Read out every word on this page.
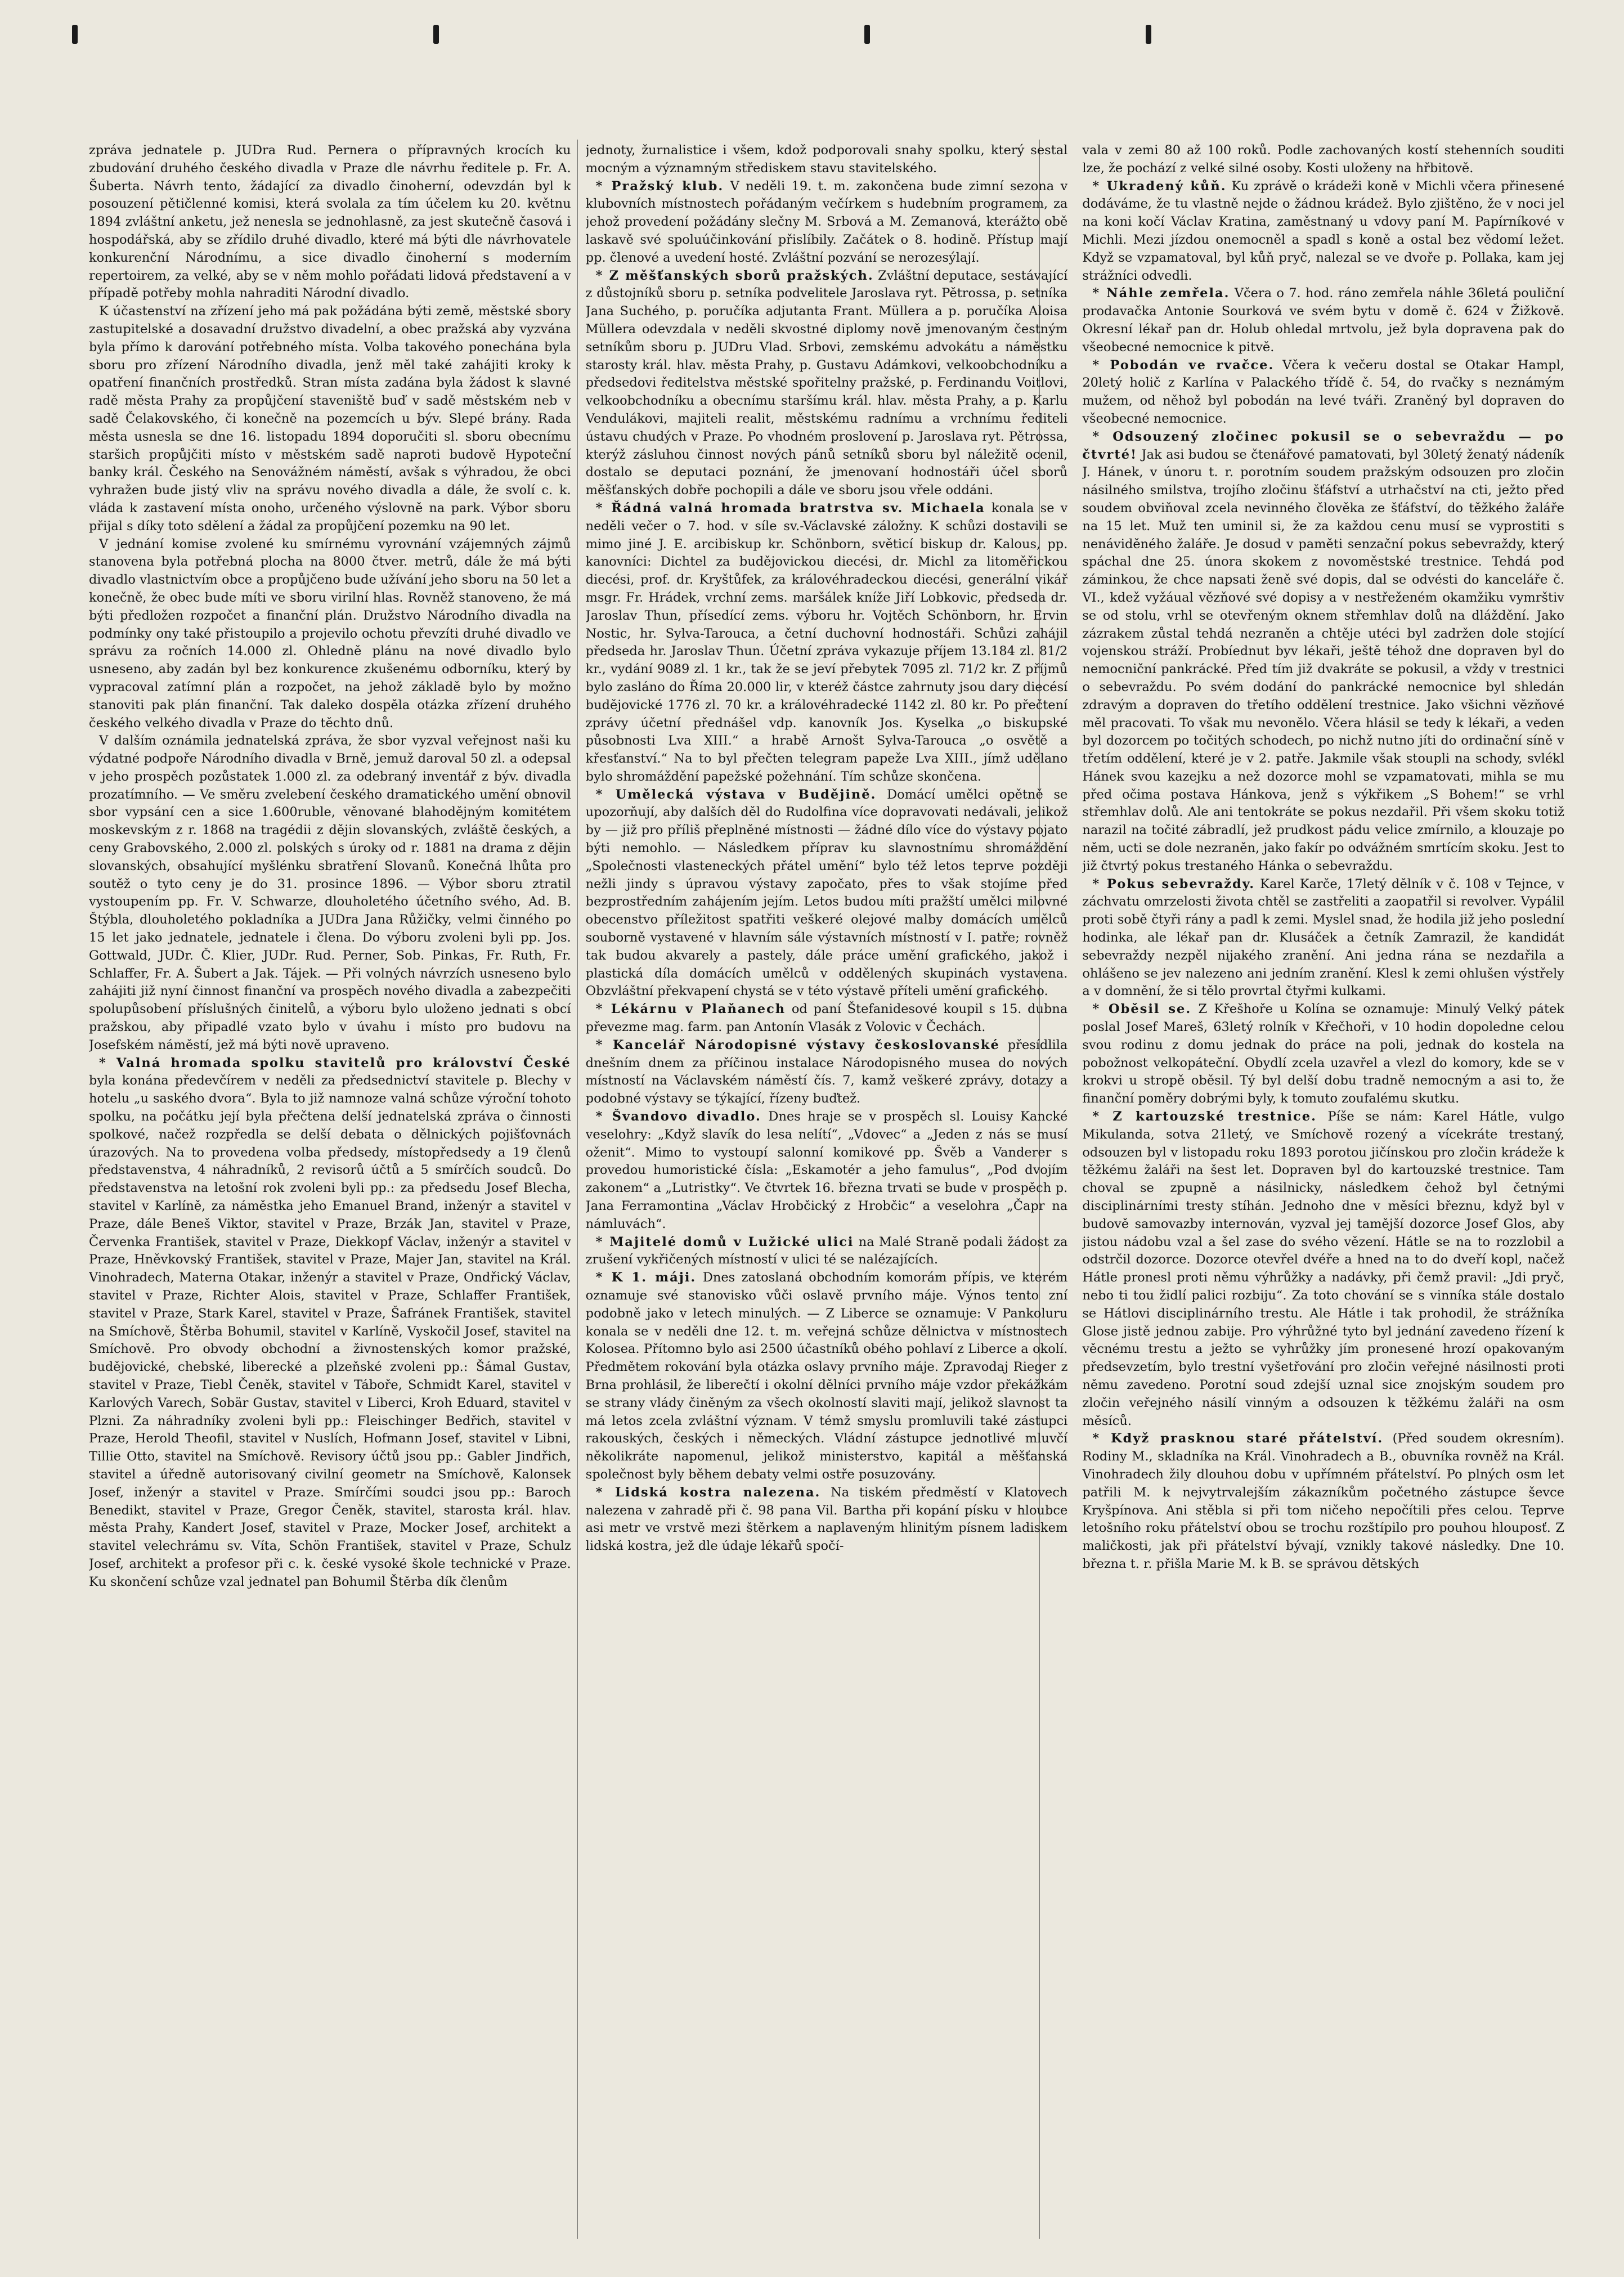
zpráva jednatele p. JUDra Rud. Pernera o přípravných krocích ku zbudování druhého českého divadla v Praze dle návrhu ředitele p. Fr. A. Šuberta. Návrh tento, žádající za divadlo činoherní, odevzdán byl k posouzení pětičlenné komisi, která svolala za tím účelem ku 20. květnu 1894 zvláštní anketu, jež nenesla se jednohlasně, za jest skutečně časová i hospodářská, aby se zřídilo druhé divadlo, které má býti dle návrhovatele konkurenční Národnímu, a sice divadlo činoherní s moderním repertoirem, za velké, aby se v něm mohlo pořádati lidová představení a v případě potřeby mohla nahraditi Národní divadlo.

K účastenství na zřízení jeho má pak požádána býti země, městské sbory zastupitelské a dosavadní družstvo divadelní, a obec pražská aby vyzvána byla přímo k darování potřebného místa. Volba takového ponechána byla sboru pro zřízení Národního divadla, jenž měl také zahájiti kroky k opatření finančních prostředků. Stran místa zadána byla žádost k slavné radě města Prahy za propůjčení staveniště buď v sadě městském neb v sadě Čelakovského, či konečně na pozemcích u býv. Slepé brány. Rada města usnesla se dne 16. listopadu 1894 doporučiti sl. sboru obecnímu staršich propůjčiti místo v městském sadě naproti budově Hypoteční banky král. Českého na Senovážném náměstí, avšak s výhradou, že obci vyhražen bude jistý vliv na správu nového divadla a dále, že svolí c. k. vláda k zastavení místa onoho, určeného výslovně na park. Výbor sboru přijal s díky toto sdělení a žádal za propůjčení pozemku na 90 let.

V jednání komise zvolené ku smírnému vyrovnání vzájemných zájmů stanovena byla potřebná plocha na 8000 čtver. metrů, dále že má býti divadlo vlastnictvím obce a propůjčeno bude užívání jeho sboru na 50 let a konečně, že obec bude míti ve sboru virilní hlas. Rovněž stanoveno, že má býti předložen rozpočet a finanční plán. Družstvo Národního divadla na podmínky ony také přistoupilo a projevilo ochotu převzíti druhé divadlo ve správu za ročních 14.000 zl. Ohledně plánu na nové divadlo bylo usneseno, aby zadán byl bez konkurence zkušenému odborníku, který by vypracoval zatímní plán a rozpočet, na jehož základě bylo by možno stanoviti pak plán finanční. Tak daleko dospěla otázka zřízení druhého českého velkého divadla v Praze do těchto dnů.

V dalším oznámila jednatelská zpráva, že sbor vyzval veřejnost naši ku výdatné podpoře Národního divadla v Brně, jemuž daroval 50 zl. a odepsal v jeho prospěch pozůstatek 1.000 zl. za odebraný inventář z býv. divadla prozatímního. — Ve směru zvelebení českého dramatického umění obnovil sbor vypsání cen a sice 1.600ruble, věnované blahodějným komitétem moskevským z r. 1868 na tragédii z dějin slovanských, zvláště českých, a ceny Grabovského, 2.000 zl. polských s úroky od r. 1881 na drama z dějin slovanských, obsahující myšlénku sbratření Slovanů. Konečná lhůta pro soutěž o tyto ceny je do 31. prosince 1896. — Výbor sboru ztratil vystoupením pp. Fr. V. Schwarze, dlouholetého účetního svého, Ad. B. Štýbla, dlouholetého pokladníka a JUDra Jana Růžičky, velmi činného po 15 let jako jednatele, jednatele i člena. Do výboru zvoleni byli pp. Jos. Gottwald, JUDr. Č. Klier, JUDr. Rud. Perner, Sob. Pinkas, Fr. Ruth, Fr. Schlaffer, Fr. A. Šubert a Jak. Tájek. — Při volných návrzích usneseno bylo zahájiti již nyní činnost finanční va prospěch nového divadla a zabezpečiti spolupůsobení příslušných činitelů, a výboru bylo uloženo jednati s obcí pražskou, aby připadlé vzato bylo v úvahu i místo pro budovu na Josefském náměstí, jež má býti nově upraveno.

* Valná hromada spolku stavitelů pro království České byla konána předevčírem v neděli za předsednictví stavitele p. Blechy v hotelu „u saského dvora“. Byla to již namnoze valná schůze výroční tohoto spolku, na počátku její byla přečtena delší jednatelská zpráva o činnosti spolkové, načež rozpředla se delší debata o dělnických pojišťovnách úrazových. Na to provedena volba předsedy, místopředsedy a 19 členů představenstva, 4 náhradníků, 2 revisorů účtů a 5 smírčích soudců. Do představenstva na letošní rok zvoleni byli pp.: za předsedu Josef Blecha, stavitel v Karlíně, za náměstka jeho Emanuel Brand, inženýr a stavitel v Praze, dále Beneš Viktor, stavitel v Praze, Brzák Jan, stavitel v Praze, Červenka František, stavitel v Praze, Diekkopf Václav, inženýr a stavitel v Praze, Hněvkovský František, stavitel v Praze, Majer Jan, stavitel na Král. Vinohradech, Materna Otakar, inženýr a stavitel v Praze, Ondřický Václav, stavitel v Praze, Richter Alois, stavitel v Praze, Schlaffer František, stavitel v Praze, Stark Karel, stavitel v Praze, Šafránek František, stavitel na Smíchově, Štěrba Bohumil, stavitel v Karlíně, Vyskočil Josef, stavitel na Smíchově. Pro obvody obchodní a živnostenských komor pražské, budějovické, chebské, liberecké a plzeňské zvoleni pp.: Šámal Gustav, stavitel v Praze, Tiebl Čeněk, stavitel v Táboře, Schmidt Karel, stavitel v Karlových Varech, Sobär Gustav, stavitel v Liberci, Kroh Eduard, stavitel v Plzni. Za náhradníky zvoleni byli pp.: Fleischinger Bedřich, stavitel v Praze, Herold Theofil, stavitel v Nuslích, Hofmann Josef, stavitel v Libni, Tillie Otto, stavitel na Smíchově. Revisory účtů jsou pp.: Gabler Jindřich, stavitel a úředně autorisovaný civilní geometr na Smíchově, Kalonsek Josef, inženýr a stavitel v Praze. Smírčími soudci jsou pp.: Baroch Benedikt, stavitel v Praze, Gregor Čeněk, stavitel, starosta král. hlav. města Prahy, Kandert Josef, stavitel v Praze, Mocker Josef, architekt a stavitel velechrámu sv. Víta, Schön František, stavitel v Praze, Schulz Josef, architekt a profesor při c. k. české vysoké škole technické v Praze. Ku skončení schůze vzal jednatel pan Bohumil Štěrba dík členům

jednoty, žurnalistice i všem, kdož podporovali snahy spolku, který sestal mocným a významným střediskem stavu stavitelského.

* Pražský klub. V neděli 19. t. m. zakončena bude zimní sezona v klubovních místnostech pořádaným večírkem s hudebním programem, za jehož provedení požádány slečny M. Srbová a M. Zemanová, kterážto obě laskavě své spoluúčinkování přislíbily. Začátek o 8. hodině. Přístup mají pp. členové a uvedení hosté. Zvláštní pozvání se nerozesýlají.

* Z měšťanských sborů pražských. Zvláštní deputace, sestávající z důstojníků sboru p. setníka podvelitele Jaroslava ryt. Pětrossa, p. setníka Jana Suchého, p. poručíka adjutanta Frant. Müllera a p. poručíka Aloisa Müllera odevzdala v neděli skvostné diplomy nově jmenovaným čestným setníkům sboru p. JUDru Vlad. Srbovi, zemskému advokátu a náměstku starosty král. hlav. města Prahy, p. Gustavu Adámkovi, velkoobchodníku a předsedovi ředitelstva městské spořitelny pražské, p. Ferdinandu Voitlovi, velkoobchodníku a obecnímu staršímu král. hlav. města Prahy, a p. Karlu Vendulákovi, majiteli realit, městskému radnímu a vrchnímu řediteli ústavu chudých v Praze. Po vhodném proslovení p. Jaroslava ryt. Pětrossa, kterýž zásluhou činnost nových pánů setníků sboru byl náležitě ocenil, dostalo se deputaci poznání, že jmenovaní hodnostáři účel sborů měšťanských dobře pochopili a dále ve sboru jsou vřele oddáni.

* Řádná valná hromada bratrstva sv. Michaela konala se v neděli večer o 7. hod. v síle sv.-Václavské záložny. K schůzi dostavili se mimo jiné J. E. arcibiskup kr. Schönborn, světicí biskup dr. Kalous, pp. kanovníci: Dichtel za budějovickou diecési, dr. Michl za litoměřickou diecési, prof. dr. Kryštůfek, za královéhradeckou diecési, generální vikář msgr. Fr. Hrádek, vrchní zems. maršálek kníže Jiří Lobkovic, předseda dr. Jaroslav Thun, přísedící zems. výboru hr. Vojtěch Schönborn, hr. Ervin Nostic, hr. Sylva-Tarouca, a četní duchovní hodnostáři. Schůzi zahájil předseda hr. Jaroslav Thun. Účetní zpráva vykazuje příjem 13.184 zl. 81/2 kr., vydání 9089 zl. 1 kr., tak že se jeví přebytek 7095 zl. 71/2 kr. Z příjmů bylo zasláno do Říma 20.000 lir, v kteréž částce zahrnuty jsou dary diecésí budějovické 1776 zl. 70 kr. a královéhradecké 1142 zl. 80 kr. Po přečtení zprávy účetní přednášel vdp. kanovník Jos. Kyselka „o biskupské působnosti Lva XIII.“ a hrabě Arnošt Sylva-Tarouca „o osvětě a křesťanství.“ Na to byl přečten telegram papeže Lva XIII., jímž udělano bylo shromáždění papežské požehnání. Tím schůze skončena.

* Umělecká výstava v Budějině. Domácí umělci opětně se upozorňují, aby dalších děl do Rudolfina více dopravovati nedávali, jelikož by — již pro příliš přeplněné místnosti — žádné dílo více do výstavy pojato býti nemohlo. — Následkem příprav ku slavnostnímu shromáždění „Společnosti vlasteneckých přátel umění“ bylo též letos teprve později nežli jindy s úpravou výstavy započato, přes to však stojíme před bezprostředním zahájením jejím. Letos budou míti pražští umělci milovné obecenstvo příležitost spatřiti veškeré olejové malby domácích umělců souborně vystavené v hlavním sále výstavních místností v I. patře; rovněž tak budou akvarely a pastely, dále práce umění grafického, jakož i plastická díla domácích umělců v oddělených skupinách vystavena. Obzvláštní překvapení chystá se v této výstavě příteli umění grafického.

* Lékárnu v Plaňanech od paní Štefanidesové koupil s 15. dubna převezme mag. farm. pan Antonín Vlasák z Volovic v Čechách.

* Kancelář Národopisné výstavy českoslovanské přesídlila dnešním dnem za příčinou instalace Národopisného musea do nových místností na Václavském náměstí čís. 7, kamž veškeré zprávy, dotazy a podobné výstavy se týkající, řízeny buďtež.

* Švandovo divadlo. Dnes hraje se v prospěch sl. Louisy Kancké veselohry: „Když slavík do lesa nelítí“, „Vdovec“ a „Jeden z nás se musí oženit“. Mimo to vystoupí salonní komikové pp. Švěb a Vanderer s provedou humoristické čísla: „Eskamotér a jeho famulus“, „Pod dvojím zakonem“ a „Lutristky“. Ve čtvrtek 16. března trvati se bude v prospěch p. Jana Ferramontina „Václav Hrobčický z Hrobčic“ a veselohra „Čapr na námluvách“.

* Majitelé domů v Lužické ulici na Malé Straně podali žádost za zrušení vykřičených místností v ulici té se nalézajících.

* K 1. máji. Dnes zatoslaná obchodním komorám přípis, ve kterém oznamuje své stanovisko vůči oslavě prvního máje. Výnos tento zní podobně jako v letech minulých. — Z Liberce se oznamuje: V Pankoluru konala se v neděli dne 12. t. m. veřejná schůze dělnictva v místnostech Kolosea. Přítomno bylo asi 2500 účastníků obého pohlaví z Liberce a okolí. Předmětem rokování byla otázka oslavy prvního máje. Zpravodaj Rieger z Brna prohlásil, že liberečtí i okolní dělníci prvního máje vzdor překážkám se strany vlády činěným za všech okolností slaviti mají, jelikož slavnost ta má letos zcela zvláštní význam. V témž smyslu promluvili také zástupci rakouských, českých i německých. Vládní zástupce jednotlivé mluvčí několikráte napomenul, jelikož ministerstvo, kapitál a měšťanská společnost byly během debaty velmi ostře posuzovány.

* Lidská kostra nalezena. Na tiském předměstí v Klatovech nalezena v zahradě při č. 98 pana Vil. Bartha při kopání písku v hloubce asi metr ve vrstvě mezi štěrkem a naplaveným hlinitým písnem ladiskem lidská kostra, jež dle údaje lékařů spočí-

vala v zemi 80 až 100 roků. Podle zachovaných kostí stehenních souditi lze, že pochází z velké silné osoby. Kosti uloženy na hřbitově.

* Ukradený kůň. Ku zprávě o krádeži koně v Michli včera přinesené dodáváme, že tu vlastně nejde o žádnou krádež. Bylo zjištěno, že v noci jel na koni kočí Václav Kratina, zaměstnaný u vdovy paní M. Papírníkové v Michli. Mezi jízdou onemocněl a spadl s koně a ostal bez vědomí ležet. Když se vzpamatoval, byl kůň pryč, nalezal se ve dvoře p. Pollaka, kam jej strážníci odvedli.

* Náhle zemřela. Včera o 7. hod. ráno zemřela náhle 36letá pouliční prodavačka Antonie Sourková ve svém bytu v domě č. 624 v Žižkově. Okresní lékař pan dr. Holub ohledal mrtvolu, jež byla dopravena pak do všeobecné nemocnice k pitvě.

* Pobodán ve rvačce. Včera k večeru dostal se Otakar Hampl, 20letý holič z Karlína v Palackého třídě č. 54, do rvačky s neznámým mužem, od něhož byl pobodán na levé tváři. Zraněný byl dopraven do všeobecné nemocnice.

* Odsouzený zločinec pokusil se o sebevraždu — po čtvrté! Jak asi budou se čtenářové pamatovati, byl 30letý ženatý nádeník J. Hánek, v únoru t. r. porotním soudem pražským odsouzen pro zločin násilného smilstva, trojího zločinu šťáfství a utrhačství na cti, ježto před soudem obviňoval zcela nevinného člověka ze šťáfství, do těžkého žaláře na 15 let. Muž ten uminil si, že za každou cenu musí se vyprostiti s nenáviděného žaláře. Je dosud v paměti senzační pokus sebevraždy, který spáchal dne 25. února skokem z novoměstské trestnice. Tehdá pod záminkou, že chce napsati ženě své dopis, dal se odvésti do kanceláře č. VI., kdež vyžáual vězňové své dopisy a v nestřeženém okamžiku vymrštiv se od stolu, vrhl se otevřeným oknem střemhlav dolů na dláždění. Jako zázrakem zůstal tehdá nezraněn a chtěje utéci byl zadržen dole stojící vojenskou stráží. Probíednut byv lékaři, ještě téhož dne dopraven byl do nemocniční pankrácké. Před tím již dvakráte se pokusil, a vždy v trestnici o sebevraždu. Po svém dodání do pankrácké nemocnice byl shledán zdravým a dopraven do třetího oddělení trestnice. Jako všichni vězňové měl pracovati. To však mu nevonělo. Včera hlásil se tedy k lékaři, a veden byl dozorcem po točitých schodech, po nichž nutno jíti do ordinační síně v třetím oddělení, které je v 2. patře. Jakmile však stoupli na schody, svlékl Hánek svou kazejku a než dozorce mohl se vzpamatovati, mihla se mu před očima postava Hánkova, jenž s výkřikem „S Bohem!“ se vrhl střemhlav dolů. Ale ani tentokráte se pokus nezdařil. Při všem skoku totiž narazil na točité zábradlí, jež prudkost pádu velice zmírnilo, a klouzaje po něm, ucti se dole nezraněn, jako fakír po odvážném smrtícím skoku. Jest to již čtvrtý pokus trestaného Hánka o sebevraždu.

* Pokus sebevraždy. Karel Karče, 17letý dělník v č. 108 v Tejnce, v záchvatu omrzelosti života chtěl se zastřeliti a zaopatřil si revolver. Vypálil proti sobě čtyři rány a padl k zemi. Myslel snad, že hodila již jeho poslední hodinka, ale lékař pan dr. Klusáček a četník Zamrazil, že kandidát sebevraždy nezpěl nijakého zranění. Ani jedna rána se nezdařila a ohlášeno se jev nalezeno ani jedním zranění. Klesl k zemi ohlušen výstřely a v domnění, že si tělo provrtal čtyřmi kulkami.

* Oběsil se. Z Křešhoře u Kolína se oznamuje: Minulý Velký pátek poslal Josef Mareš, 63letý rolník v Křečhoři, v 10 hodin dopoledne celou svou rodinu z domu jednak do práce na poli, jednak do kostela na pobožnost velkopáteční. Obydlí zcela uzavřel a vlezl do komory, kde se v krokvi u stropě oběsil. Tý byl delší dobu tradně nemocným a asi to, že finanční poměry dobrými byly, k tomuto zoufalému skutku.

* Z kartouzské trestnice. Píše se nám: Karel Hátle, vulgo Mikulanda, sotva 21letý, ve Smíchově rozený a vícekráte trestaný, odsouzen byl v listopadu roku 1893 porotou jičínskou pro zločin krádeže k těžkému žaláři na šest let. Dopraven byl do kartouzské trestnice. Tam choval se zpupně a násilnicky, následkem čehož byl četnými disciplinárními tresty stíhán. Jednoho dne v měsíci březnu, když byl v budově samovazby internován, vyzval jej tamější dozorce Josef Glos, aby jistou nádobu vzal a šel zase do svého vězení. Hátle se na to rozzlobil a odstrčil dozorce. Dozorce otevřel dvéře a hned na to do dveří kopl, načež Hátle pronesl proti němu výhrůžky a nadávky, při čemž pravil: „Jdi pryč, nebo ti tou židlí palici rozbiju“. Za toto chování se s vinníka stále dostalo se Hátlovi disciplinárního trestu. Ale Hátle i tak prohodil, že strážníka Glose jistě jednou zabije. Pro výhrůžné tyto byl jednání zavedeno řízení k věcnému trestu a ježto se vyhrůžky jím pronesené hrozí opakovaným předsevzetím, bylo trestní vyšetřování pro zločin veřejné násilnosti proti němu zavedeno. Porotní soud zdejší uznal sice znojským soudem pro zločin veřejného násilí vinným a odsouzen k těžkému žaláři na osm měsíců.

* Když prasknou staré přátelství. (Před soudem okresním). Rodiny M., skladníka na Král. Vinohradech a B., obuvníka rovněž na Král. Vinohradech žily dlouhou dobu v upřímném přátelství. Po plných osm let patřili M. k nejvytrvalejším zákazníkům početného zástupce ševce Kryšpínova. Ani stěbla si při tom ničeho nepočítili přes celou. Teprve letošního roku přátelství obou se trochu rozštípilo pro pouhou hlouposť. Z maličkosti, jak při přátelství bývají, vznikly takové následky. Dne 10. března t. r. přišla Marie M. k B. se správou dětských
